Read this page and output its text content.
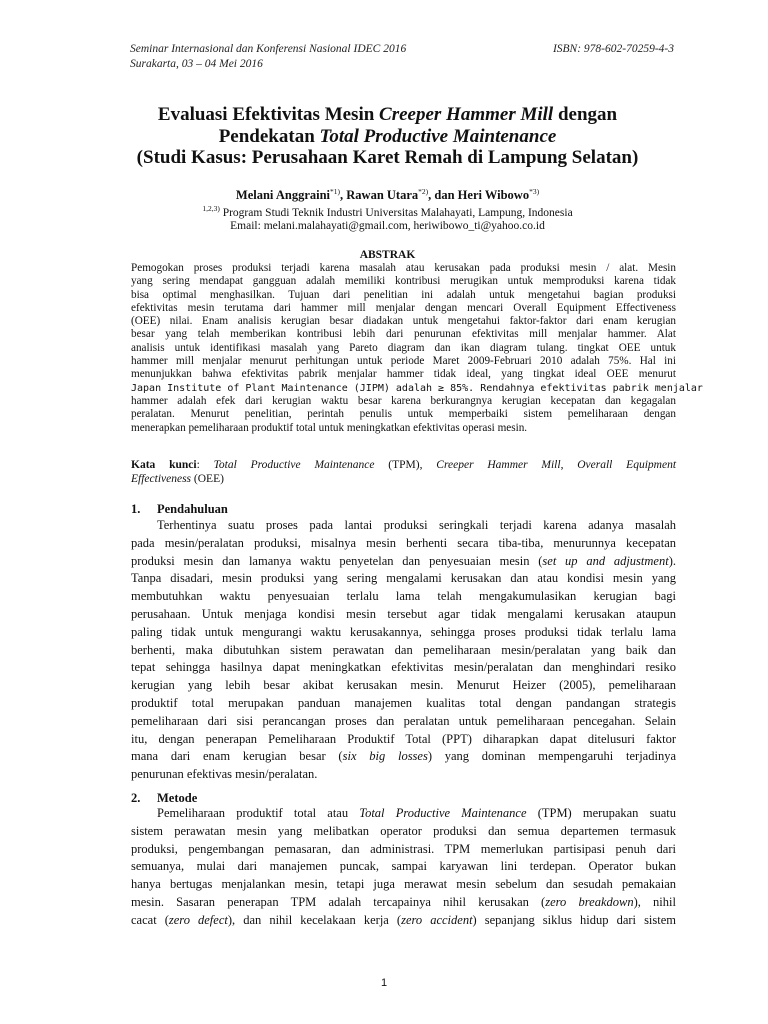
Seminar Internasional dan Konferensi Nasional IDEC 2016
Surakarta, 03 – 04 Mei 2016
ISBN: 978-602-70259-4-3
Evaluasi Efektivitas Mesin Creeper Hammer Mill dengan
Pendekatan Total Productive Maintenance
(Studi Kasus: Perusahaan Karet Remah di Lampung Selatan)
Melani Anggraini$^{*1)}$, Rawan Utara$^{*2)}$, dan Heri Wibowo$^{*3)}$
$^{1,2,3)}$ Program Studi Teknik Industri Universitas Malahayati, Lampung, Indonesia
Email: melani.malahayati@gmail.com, heriwibowo_ti@yahoo.co.id
ABSTRAK
Pemogokan proses produksi terjadi karena masalah atau kerusakan pada produksi mesin / alat. Mesin
yang sering mendapat gangguan adalah memiliki kontribusi merugikan untuk memproduksi karena tidak
bisa optimal menghasilkan. Tujuan dari penelitian ini adalah untuk mengetahui bagian produksi
efektivitas mesin terutama dari hammer mill menjalar dengan mencari Overall Equipment Effectiveness
(OEE) nilai. Enam analisis kerugian besar diadakan untuk mengetahui faktor-faktor dari enam kerugian
besar yang telah memberikan kontribusi lebih dari penurunan efektivitas mill menjalar hammer. Alat
analisis untuk identifikasi masalah yang Pareto diagram dan ikan diagram tulang. tingkat OEE untuk
hammer mill menjalar menurut perhitungan untuk periode Maret 2009-Februari 2010 adalah 75%. Hal ini
menunjukkan bahwa efektivitas pabrik menjalar hammer tidak ideal, yang tingkat ideal OEE menurut
Japan Institute of Plant Maintenance (JIPM) adalah ≥ 85%. Rendahnya efektivitas pabrik menjalar
hammer adalah efek dari kerugian waktu besar karena berkurangnya kerugian kecepatan dan kegagalan
peralatan. Menurut penelitian, perintah penulis untuk memperbaiki sistem pemeliharaan dengan
menerapkan pemeliharaan produktif total untuk meningkatkan efektivitas operasi mesin.
Kata kunci: Total Productive Maintenance (TPM), Creeper Hammer Mill, Overall Equipment
Effectiveness (OEE)
1. Pendahuluan
Terhentinya suatu proses pada lantai produksi seringkali terjadi karena adanya masalah
pada mesin/peralatan produksi, misalnya mesin berhenti secara tiba-tiba, menurunnya kecepatan
produksi mesin dan lamanya waktu penyetelan dan penyesuaian mesin (set up and adjustment).
Tanpa disadari, mesin produksi yang sering mengalami kerusakan dan atau kondisi mesin yang
membutuhkan waktu penyesuaian terlalu lama telah mengakumulasikan kerugian bagi
perusahaan. Untuk menjaga kondisi mesin tersebut agar tidak mengalami kerusakan ataupun
paling tidak untuk mengurangi waktu kerusakannya, sehingga proses produksi tidak terlalu lama
berhenti, maka dibutuhkan sistem perawatan dan pemeliharaan mesin/peralatan yang baik dan
tepat sehingga hasilnya dapat meningkatkan efektivitas mesin/peralatan dan menghindari resiko
kerugian yang lebih besar akibat kerusakan mesin. Menurut Heizer (2005), pemeliharaan
produktif total merupakan panduan manajemen kualitas total dengan pandangan strategis
pemeliharaan dari sisi perancangan proses dan peralatan untuk pemeliharaan pencegahan. Selain
itu, dengan penerapan Pemeliharaan Produktif Total (PPT) diharapkan dapat ditelusuri faktor
mana dari enam kerugian besar (six big losses) yang dominan mempengaruhi terjadinya
penurunan efektivas mesin/peralatan.
2. Metode
Pemeliharaan produktif total atau Total Productive Maintenance (TPM) merupakan suatu
sistem perawatan mesin yang melibatkan operator produksi dan semua departemen termasuk
produksi, pengembangan pemasaran, dan administrasi. TPM memerlukan partisipasi penuh dari
semuanya, mulai dari manajemen puncak, sampai karyawan lini terdepan. Operator bukan
hanya bertugas menjalankan mesin, tetapi juga merawat mesin sebelum dan sesudah pemakaian
mesin. Sasaran penerapan TPM adalah tercapainya nihil kerusakan (zero breakdown), nihil
cacat (zero defect), dan nihil kecelakaan kerja (zero accident) sepanjang siklus hidup dari sistem
1
